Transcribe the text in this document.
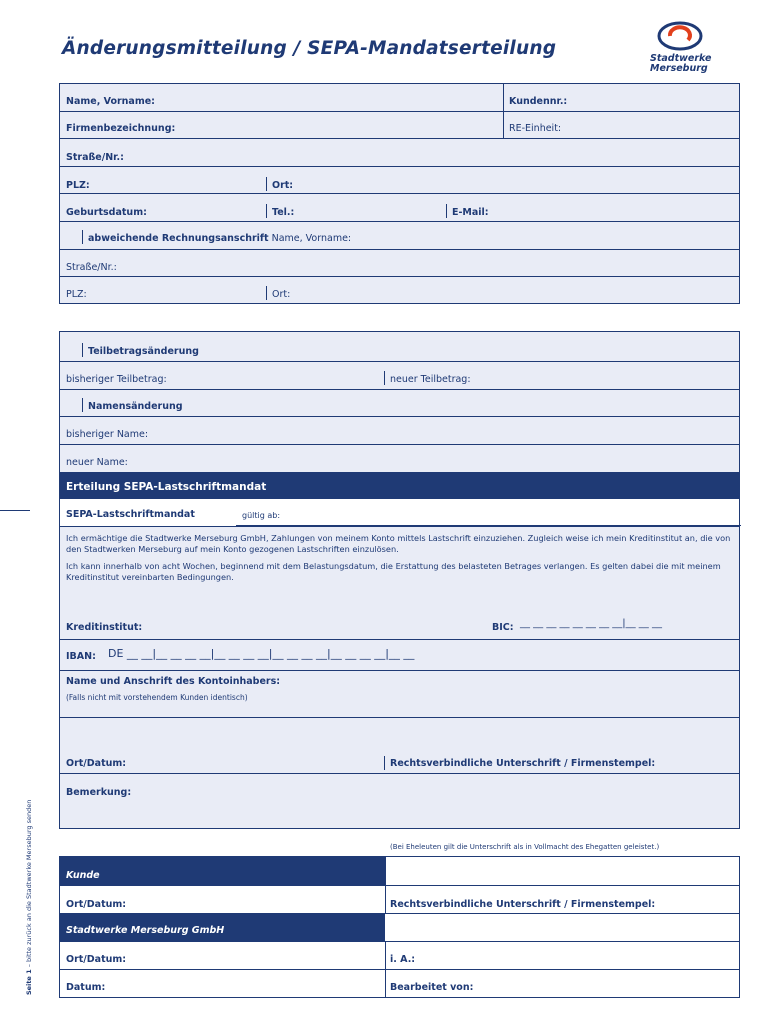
Änderungsmitteilung / SEPA-Mandatserteilung	Stadtwerke
Merseburg
Seite 1 – bitte zurück an die Stadtwerke Merseburg senden
Name, Vorname:	Kundennr.:
Firmenbezeichnung:	RE-Einheit:
Straße/Nr.:
PLZ:	Ort:
Geburtsdatum:	Tel.:	E-Mail:
abweichende Rechnungsanschrift Name, Vorname:
Straße/Nr.:
PLZ:	Ort:
Teilbetragsänderung
bisheriger Teilbetrag:	neuer Teilbetrag:
Namensänderung
bisheriger Name:
neuer Name:
Erteilung SEPA-Lastschriftmandat
SEPA-Lastschriftmandat	gültig ab:
Ich ermächtige die Stadtwerke Merseburg GmbH, Zahlungen von meinem Konto mittels Lastschrift einzuziehen. Zugleich weise ich mein Kreditinstitut an, die von den Stadtwerken Merseburg auf mein Konto gezogenen Lastschriften einzulösen.
Ich kann innerhalb von acht Wochen, beginnend mit dem Belastungsdatum, die Erstattung des belasteten Betrages verlangen. Es gelten dabei die mit meinem Kreditinstitut vereinbarten Bedingungen.
Kreditinstitut:	BIC: __ __ __ __ __ __ __ __|__ __ __
IBAN: DE __ __|__ __ __ __|__ __ __ __|__ __ __ __|__ __ __ __|__ __
Name und Anschrift des Kontoinhabers:
(Falls nicht mit vorstehendem Kunden identisch)
Ort/Datum:	Rechtsverbindliche Unterschrift / Firmenstempel:
Bemerkung:
(Bei Eheleuten gilt die Unterschrift als in Vollmacht des Ehegatten geleistet.)
Kunde
Ort/Datum:	Rechtsverbindliche Unterschrift / Firmenstempel:
Stadtwerke Merseburg GmbH
Ort/Datum:	i. A.:
Datum:	Bearbeitet von:
